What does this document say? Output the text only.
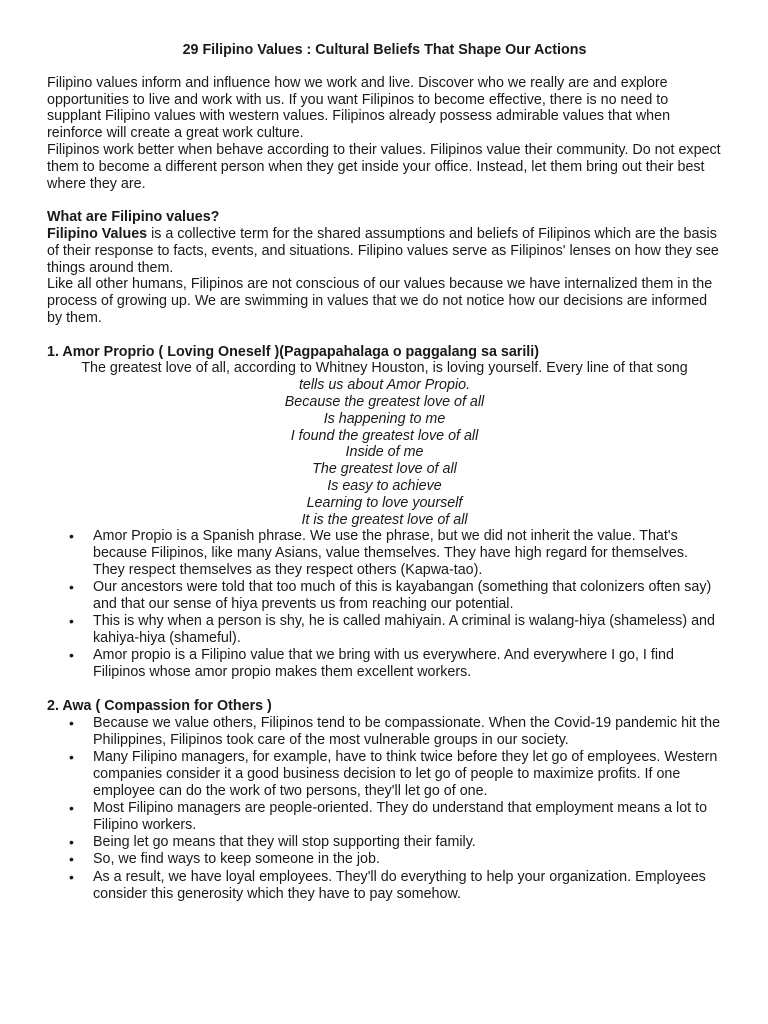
29 Filipino Values : Cultural Beliefs That Shape Our Actions

Filipino values inform and influence how we work and live. Discover who we really are and explore opportunities to live and work with us. If you want Filipinos to become effective, there is no need to supplant Filipino values with western values. Filipinos already possess admirable values that when reinforce will create a great work culture.

Filipinos work better when behave according to their values. Filipinos value their community. Do not expect them to become a different person when they get inside your office. Instead, let them bring out their best where they are.

What are Filipino values?

Filipino Values is a collective term for the shared assumptions and beliefs of Filipinos which are the basis of their response to facts, events, and situations. Filipino values serve as Filipinos' lenses on how they see things around them.

Like all other humans, Filipinos are not conscious of our values because we have internalized them in the process of growing up. We are swimming in values that we do not notice how our decisions are informed by them.

1. Amor Proprio ( Loving Oneself )(Pagpapahalaga o paggalang sa sarili)

The greatest love of all, according to Whitney Houston, is loving yourself. Every line of that song

tells us about Amor Propio.
Because the greatest love of all
Is happening to me
I found the greatest love of all
Inside of me
The greatest love of all
Is easy to achieve
Learning to love yourself
It is the greatest love of all
• Amor Propio is a Spanish phrase. We use the phrase, but we did not inherit the value. That's because Filipinos, like many Asians, value themselves. They have high regard for themselves. They respect themselves as they respect others (Kapwa-tao).
• Our ancestors were told that too much of this is kayabangan (something that colonizers often say) and that our sense of hiya prevents us from reaching our potential.
• This is why when a person is shy, he is called mahiyain. A criminal is walang-hiya (shameless) and kahiya-hiya (shameful).
• Amor propio is a Filipino value that we bring with us everywhere. And everywhere I go, I find Filipinos whose amor propio makes them excellent workers.

2. Awa ( Compassion for Others )

• Because we value others, Filipinos tend to be compassionate. When the Covid-19 pandemic hit the Philippines, Filipinos took care of the most vulnerable groups in our society.
• Many Filipino managers, for example, have to think twice before they let go of employees. Western companies consider it a good business decision to let go of people to maximize profits. If one employee can do the work of two persons, they'll let go of one.
• Most Filipino managers are people-oriented. They do understand that employment means a lot to Filipino workers.
• Being let go means that they will stop supporting their family.
• So, we find ways to keep someone in the job.
• As a result, we have loyal employees. They'll do everything to help your organization. Employees consider this generosity which they have to pay somehow.
